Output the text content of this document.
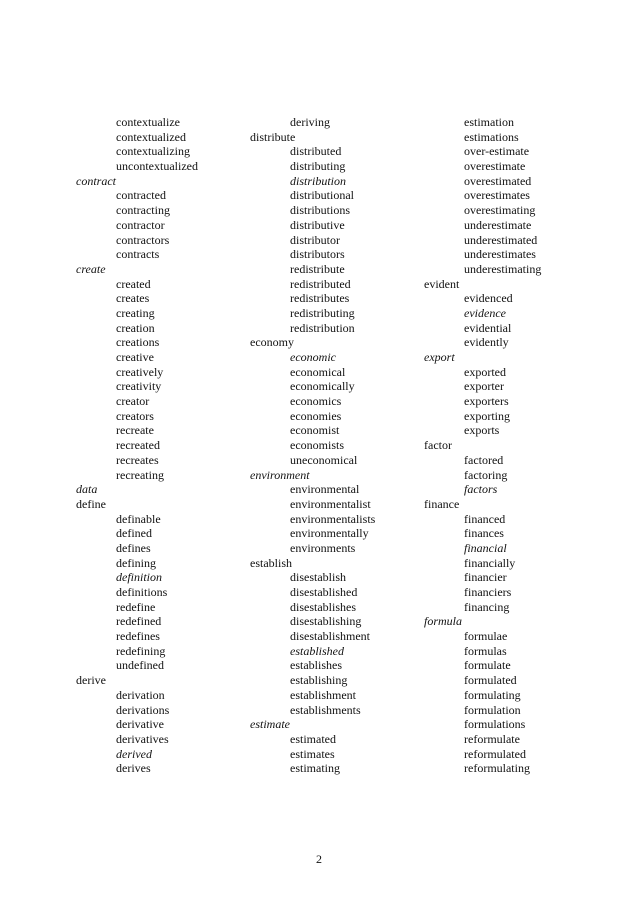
contextualize
contextualized
contextualizing
uncontextualized
contract
contracted
contracting
contractor
contractors
contracts
create
created
creates
creating
creation
creations
creative
creatively
creativity
creator
creators
recreate
recreated
recreates
recreating
data
define
definable
defined
defines
defining
definition
definitions
redefine
redefined
redefines
redefining
undefined
derive
derivation
derivations
derivative
derivatives
derived
derives
deriving
distribute
distributed
distributing
distribution
distributional
distributions
distributive
distributor
distributors
redistribute
redistributed
redistributes
redistributing
redistribution
economy
economic
economical
economically
economics
economies
economist
economists
uneconomical
environment
environmental
environmentalist
environmentalists
environmentally
environments
establish
disestablish
disestablished
disestablishes
disestablishing
disestablishment
established
establishes
establishing
establishment
establishments
estimate
estimated
estimates
estimating
estimation
estimations
over-estimate
overestimate
overestimated
overestimates
overestimating
underestimate
underestimated
underestimates
underestimating
evident
evidenced
evidence
evidential
evidently
export
exported
exporter
exporters
exporting
exports
factor
factored
factoring
factors
finance
financed
finances
financial
financially
financier
financiers
financing
formula
formulae
formulas
formulate
formulated
formulating
formulation
formulations
reformulate
reformulated
reformulating
2
